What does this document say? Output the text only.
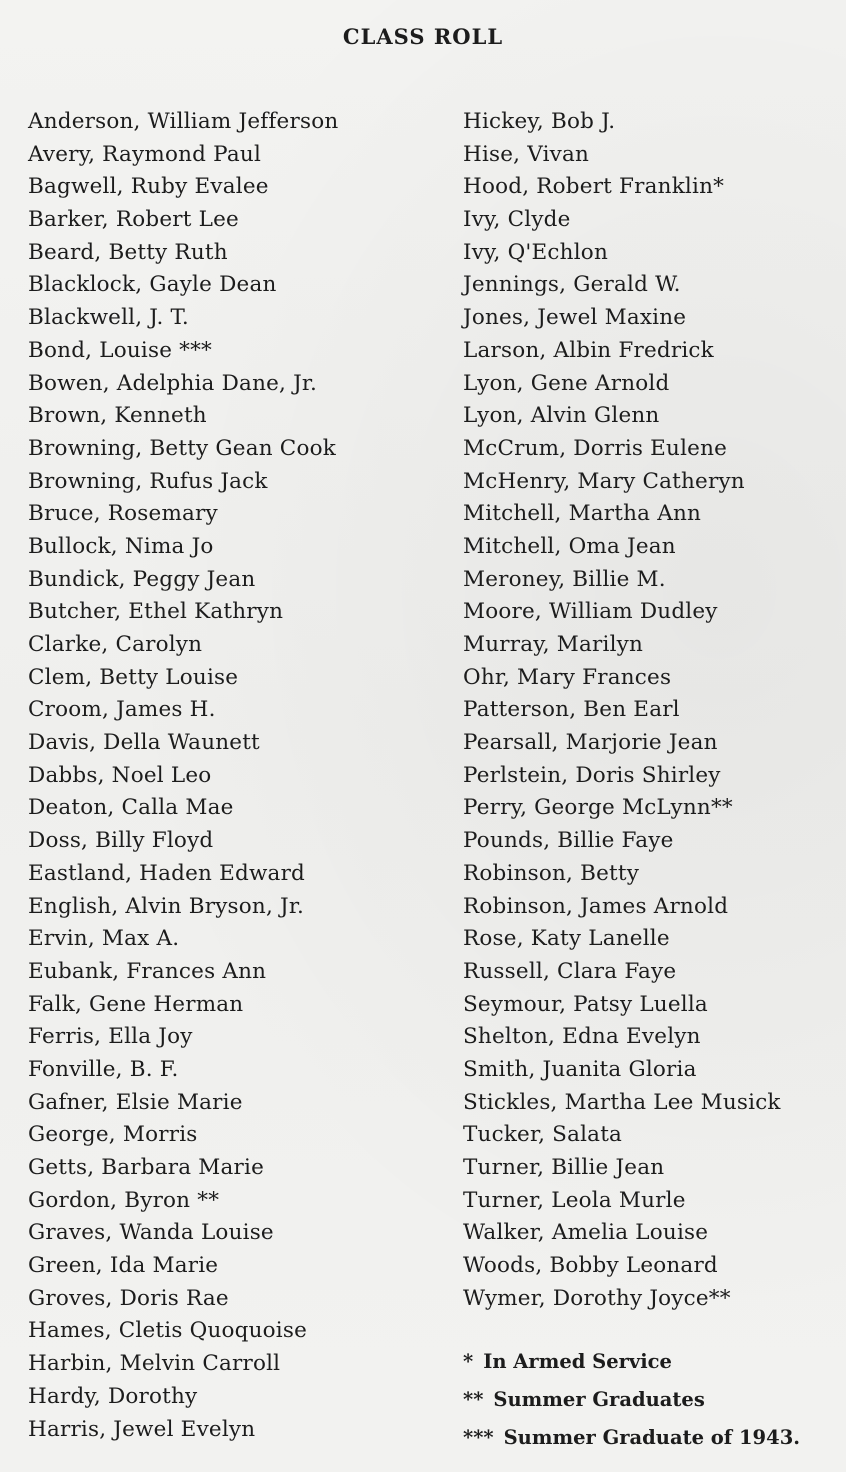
CLASS ROLL
Anderson, William Jefferson
Avery, Raymond Paul
Bagwell, Ruby Evalee
Barker, Robert Lee
Beard, Betty Ruth
Blacklock, Gayle Dean
Blackwell, J. T.
Bond, Louise ***
Bowen, Adelphia Dane, Jr.
Brown, Kenneth
Browning, Betty Gean Cook
Browning, Rufus Jack
Bruce, Rosemary
Bullock, Nima Jo
Bundick, Peggy Jean
Butcher, Ethel Kathryn
Clarke, Carolyn
Clem, Betty Louise
Croom, James H.
Davis, Della Waunett
Dabbs, Noel Leo
Deaton, Calla Mae
Doss, Billy Floyd
Eastland, Haden Edward
English, Alvin Bryson, Jr.
Ervin, Max A.
Eubank, Frances Ann
Falk, Gene Herman
Ferris, Ella Joy
Fonville, B. F.
Gafner, Elsie Marie
George, Morris
Getts, Barbara Marie
Gordon, Byron **
Graves, Wanda Louise
Green, Ida Marie
Groves, Doris Rae
Hames, Cletis Quoquoise
Harbin, Melvin Carroll
Hardy, Dorothy
Harris, Jewel Evelyn
Hickey, Bob J.
Hise, Vivan
Hood, Robert Franklin*
Ivy, Clyde
Ivy, Q'Echlon
Jennings, Gerald W.
Jones, Jewel Maxine
Larson, Albin Fredrick
Lyon, Gene Arnold
Lyon, Alvin Glenn
McCrum, Dorris Eulene
McHenry, Mary Catheryn
Mitchell, Martha Ann
Mitchell, Oma Jean
Meroney, Billie M.
Moore, William Dudley
Murray, Marilyn
Ohr, Mary Frances
Patterson, Ben Earl
Pearsall, Marjorie Jean
Perlstein, Doris Shirley
Perry, George McLynn**
Pounds, Billie Faye
Robinson, Betty
Robinson, James Arnold
Rose, Katy Lanelle
Russell, Clara Faye
Seymour, Patsy Luella
Shelton, Edna Evelyn
Smith, Juanita Gloria
Stickles, Martha Lee Musick
Tucker, Salata
Turner, Billie Jean
Turner, Leola Murle
Walker, Amelia Louise
Woods, Bobby Leonard
Wymer, Dorothy Joyce**
* In Armed Service
** Summer Graduates
*** Summer Graduate of 1943.
